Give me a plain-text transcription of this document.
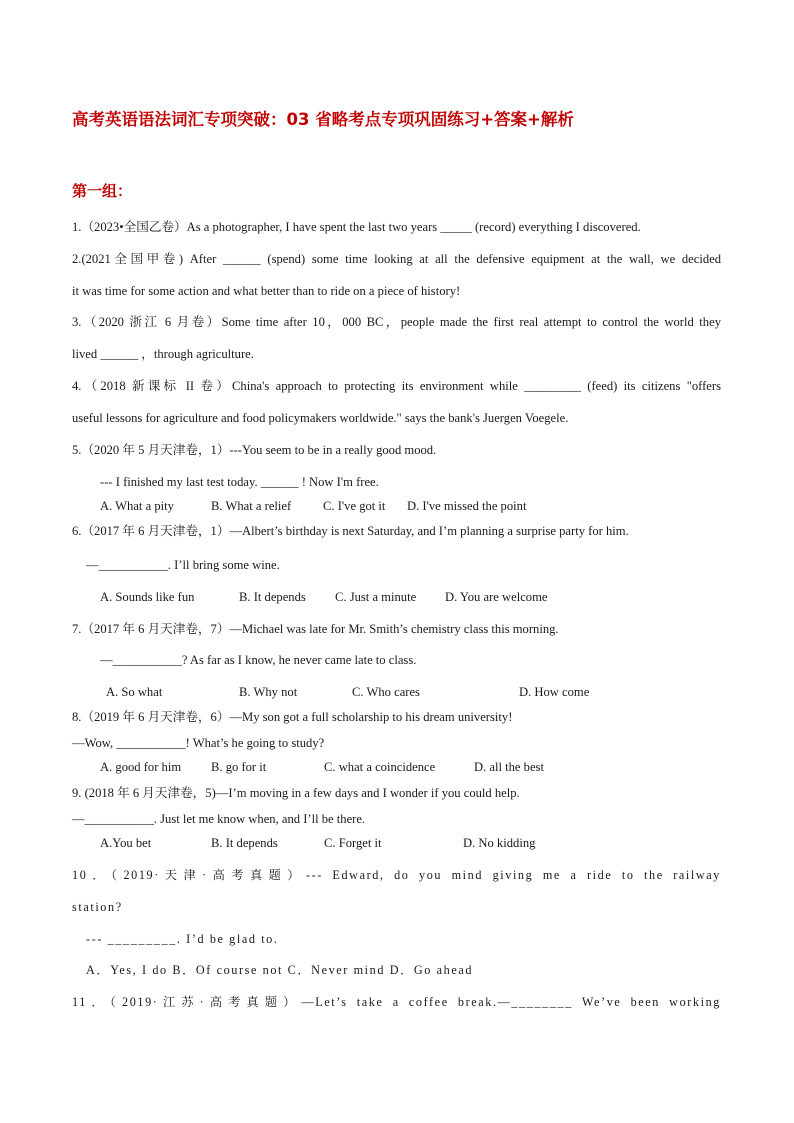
高考英语语法词汇专项突破：03 省略考点专项巩固练习+答案+解析
第一组：
1.（2023•全国乙卷）As a photographer, I have spent the last two years _____ (record) everything I discovered.
2.(2021全国甲卷) After ______ (spend) some time looking at all the defensive equipment at the wall, we decided
it was time for some action and what better than to ride on a piece of history!
3.（2020 浙江 6 月卷）Some time after 10，000 BC，people made the first real attempt to control the world they
lived ______ ，through agriculture.
4.（2018 新课标 II 卷）China's approach to protecting its environment while _________ (feed) its citizens "offers
useful lessons for agriculture and food policymakers worldwide." says the bank's Juergen Voegele.
5.（2020 年 5 月天津卷，1）---You seem to be in a really good mood.
--- I finished my last test today. ______ ! Now I'm free.
A. What a pity	B. What a relief	C. I've got it D. I've missed the point
6.（2017 年 6 月天津卷，1）—Albert’s birthday is next Saturday, and I’m planning a surprise party for him.
—___________. I’ll bring some wine.
A. Sounds like fun	B. It depends C. Just a minute D. You are welcome
7.（2017 年 6 月天津卷，7）—Michael was late for Mr. Smith’s chemistry class this morning.
—___________? As far as I know, he never came late to class.
A. So what	B. Why not	C. Who cares	D. How come
8.（2019 年 6 月天津卷，6）—My son got a full scholarship to his dream university!
—Wow, ___________! What’s he going to study?
A. good for him B. go for it	C. what a coincidence	D. all the best
9. (2018 年 6 月天津卷，5)—I’m moving in a few days and I wonder if you could help.
—___________. Just let me know when, and I’ll be there.
A.You bet	B. It depends	C. Forget it	D. No kidding
10．（2019·天津·高考真题）--- Edward, do you mind giving me a ride to the railway
station?
--- _________. I’d be glad to.
A．Yes, I do B．Of course not C．Never mind D．Go ahead
11．（2019·江苏·高考真题）—Let’s take a coffee break.—________ We’ve been working
